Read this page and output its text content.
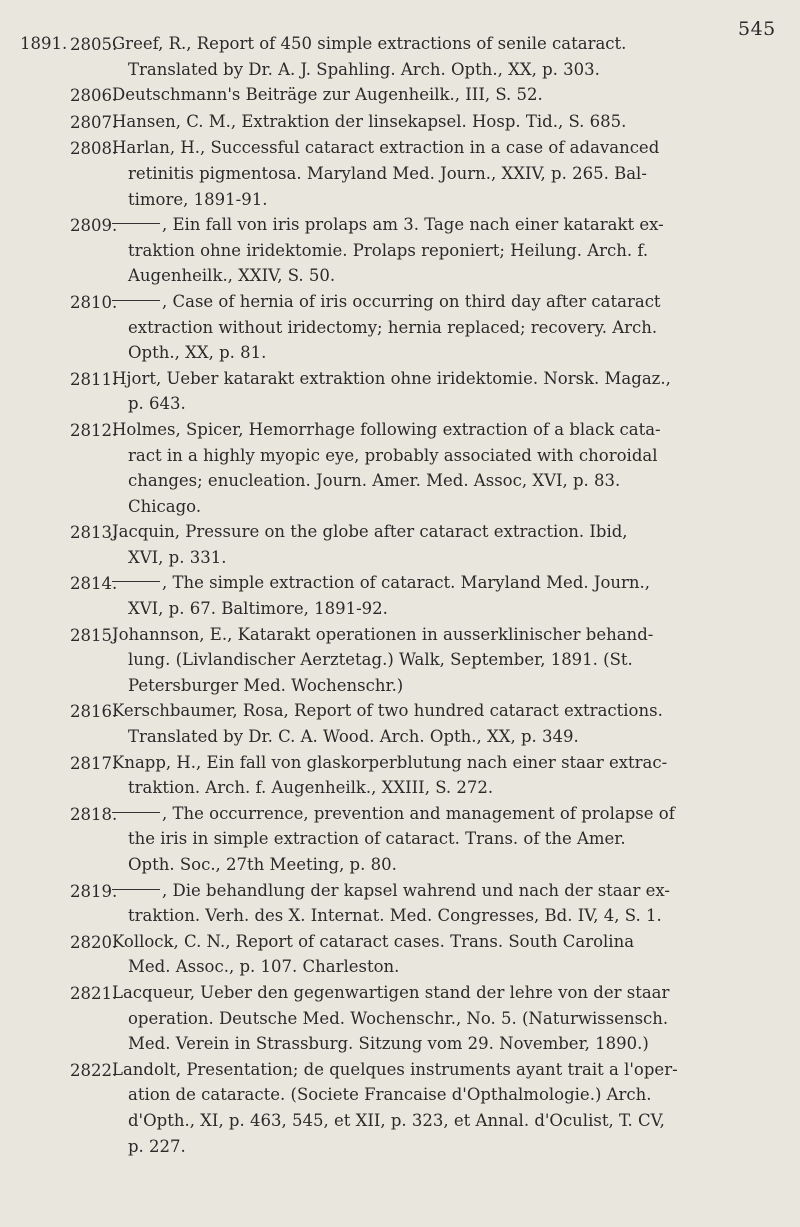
545
1891. 2805.
Greef, R., Report of 450 simple extractions of senile cataract.
Translated by Dr. A. J. Spahling. Arch. Opth., XX, p. 303.
2806.
Deutschmann's Beiträge zur Augenheilk., III, S. 52.
2807.
Hansen, C. M., Extraktion der linsekapsel. Hosp. Tid., S. 685.
2808.
Harlan, H., Successful cataract extraction in a case of adavanced
retinitis pigmentosa. Maryland Med. Journ., XXIV, p. 265. Bal-
timore, 1891-91.
2809.	, Ein fall von iris prolaps am 3. Tage nach einer katarakt ex-
traktion ohne iridektomie. Prolaps reponiert; Heilung. Arch. f.
Augenheilk., XXIV, S. 50.
2810.	, Case of hernia of iris occurring on third day after cataract
extraction without iridectomy; hernia replaced; recovery. Arch.
Opth., XX, p. 81.
2811.
Hjort, Ueber katarakt extraktion ohne iridektomie. Norsk. Magaz.,
p. 643.
2812.
Holmes, Spicer, Hemorrhage following extraction of a black cata-
ract in a highly myopic eye, probably associated with choroidal
changes; enucleation. Journ. Amer. Med. Assoc, XVI, p. 83.
Chicago.
2813.
Jacquin, Pressure on the globe after cataract extraction. Ibid,
XVI, p. 331.
2814.	, The simple extraction of cataract. Maryland Med. Journ.,
XVI, p. 67. Baltimore, 1891-92.
2815.
Johannson, E., Katarakt operationen in ausserklinischer behand-
lung. (Livlandischer Aerztetag.) Walk, September, 1891. (St.
Petersburger Med. Wochenschr.)
2816.
Kerschbaumer, Rosa, Report of two hundred cataract extractions.
Translated by Dr. C. A. Wood. Arch. Opth., XX, p. 349.
2817.
Knapp, H., Ein fall von glaskorperblutung nach einer staar extrac-
traktion. Arch. f. Augenheilk., XXIII, S. 272.
2818.	, The occurrence, prevention and management of prolapse of
the iris in simple extraction of cataract. Trans. of the Amer.
Opth. Soc., 27th Meeting, p. 80.
2819.	, Die behandlung der kapsel wahrend und nach der staar ex-
traktion. Verh. des X. Internat. Med. Congresses, Bd. IV, 4, S. 1.
2820.
Kollock, C. N., Report of cataract cases. Trans. South Carolina
Med. Assoc., p. 107. Charleston.
2821.
Lacqueur, Ueber den gegenwartigen stand der lehre von der staar
operation. Deutsche Med. Wochenschr., No. 5. (Naturwissensch.
Med. Verein in Strassburg. Sitzung vom 29. November, 1890.)
2822.
Landolt, Presentation; de quelques instruments ayant trait a l'oper-
ation de cataracte. (Societe Francaise d'Opthalmologie.) Arch.
d'Opth., XI, p. 463, 545, et XII, p. 323, et Annal. d'Oculist, T. CV,
p. 227.
